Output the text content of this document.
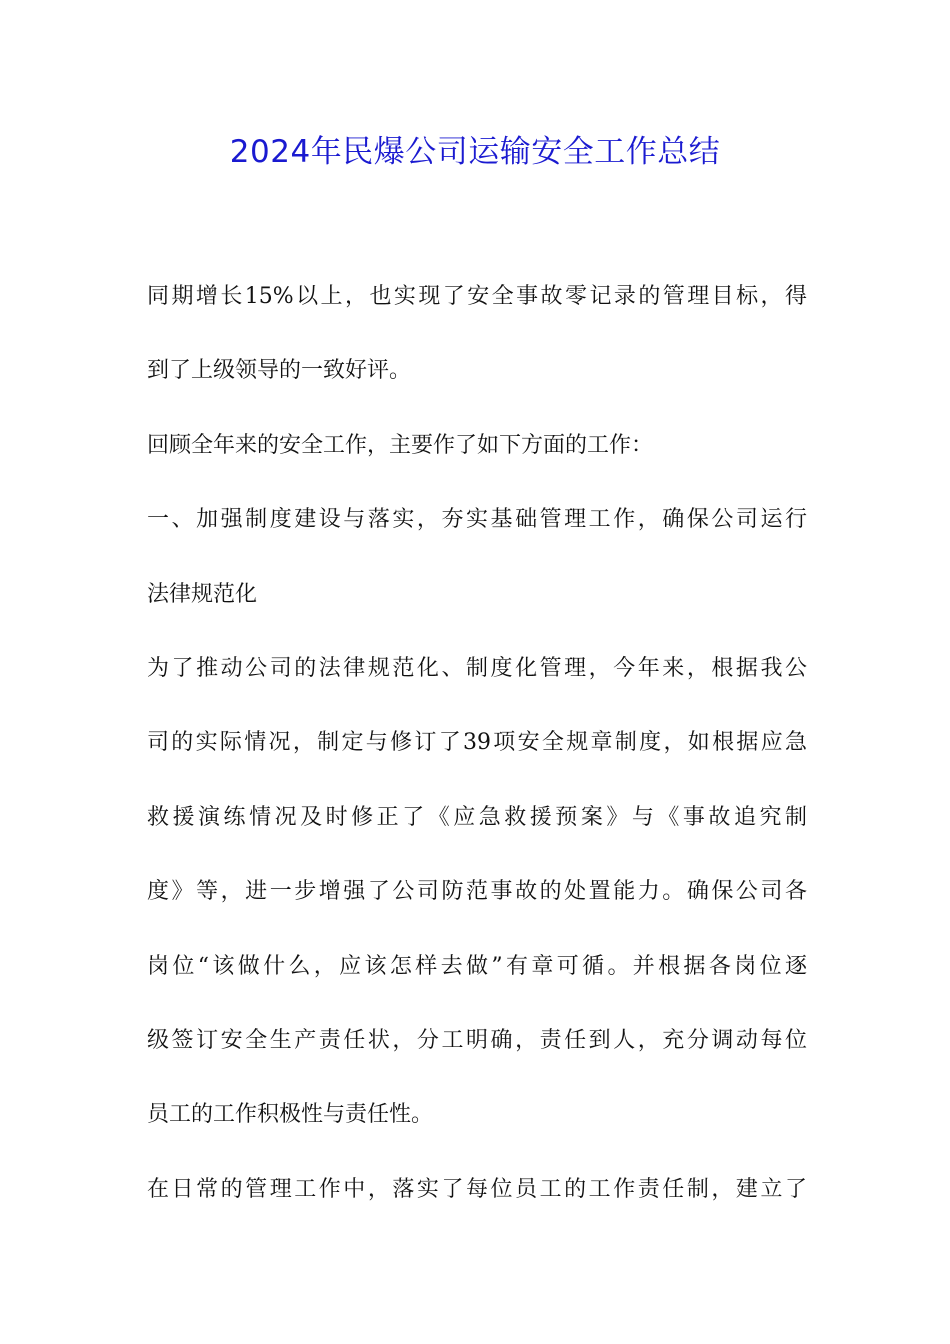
2024年民爆公司运输安全工作总结
同期增长15%以上，也实现了安全事故零记录的管理目标，得
到了上级领导的一致好评。
回顾全年来的安全工作，主要作了如下方面的工作：
一、加强制度建设与落实，夯实基础管理工作，确保公司运行
法律规范化
为了推动公司的法律规范化、制度化管理，今年来，根据我公
司的实际情况，制定与修订了39项安全规章制度，如根据应急
救援演练情况及时修正了《应急救援预案》与《事故追究制
度》等，进一步增强了公司防范事故的处置能力。确保公司各
岗位“该做什么，应该怎样去做”有章可循。并根据各岗位逐
级签订安全生产责任状，分工明确，责任到人，充分调动每位
员工的工作积极性与责任性。
在日常的管理工作中，落实了每位员工的工作责任制，建立了
